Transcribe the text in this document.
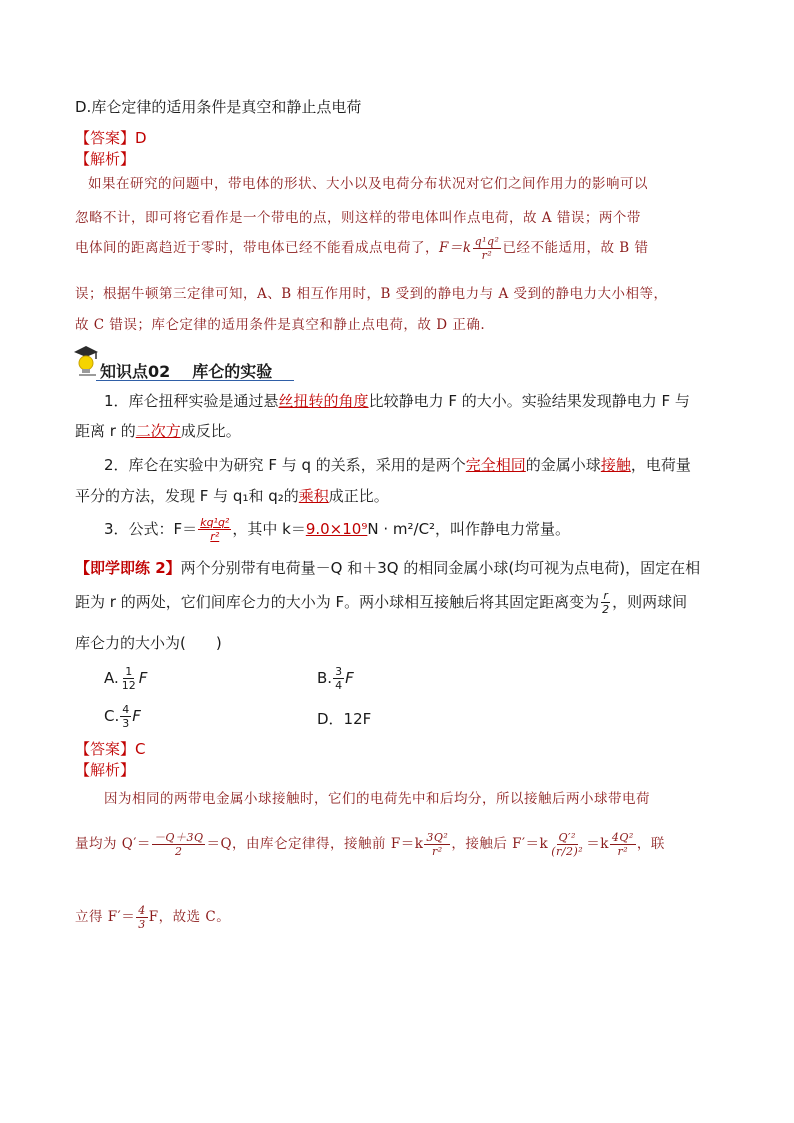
D.库仑定律的适用条件是真空和静止点电荷
【答案】D
【解析】
如果在研究的问题中，带电体的形状、大小以及电荷分布状况对它们之间作用力的影响可以
忽略不计，即可将它看作是一个带电的点，则这样的带电体叫作点电荷，故 A 错误；两个带
电体间的距离趋近于零时，带电体已经不能看成点电荷了，$F=k \frac{\text{q¹q²}}{\text{r²}}$ 已经不能适用，故 B 错
误；根据牛顿第三定律可知，A、B 相互作用时，B 受到的静电力与 A 受到的静电力大小相等，
故 C 错误；库仑定律的适用条件是真空和静止点电荷，故 D 正确.
知识点02 库仑的实验
1．库仑扭秤实验是通过悬丝扭转的角度比较静电力 F 的大小。实验结果发现静电力 F 与
距离 r 的二次方成反比。
2．库仑在实验中为研究 F 与 q 的关系，采用的是两个完全相同的金属小球接触，电荷量
平分的方法，发现 F 与 q₁和 q₂的乘积成正比。
3．公式：$F= \frac{\text{kq¹q²}}{\text{r²}}$ ，其中 k＝9.0×10⁹N · m²/C²，叫作静电力常量。
【即学即练 2】两个分别带有电荷量－Q 和＋3Q 的相同金属小球(均可视为点电荷)，固定在相
距为 r 的两处，它们间库仑力的大小为 F。两小球相互接触后将其固定距离变为 $\frac{r}{2}$ ，则两球间
库仑力的大小为(　　)
A. $\frac{1}{12}$ F	B. $\frac{3}{4}$ F
C. $\frac{4}{3}$ F	D．12F
【答案】C
【解析】
因为相同的两带电金属小球接触时，它们的电荷先中和后均分，所以接触后两小球带电荷
量均为 $Q'= \frac{-Q+3Q}{2} =Q$，由库仑定律得，接触前 $F=k \frac{\text{3Q²}}{\text{r²}}$ ，接触后 $F'=k \frac{\text{Q′²}}{\text{(r/2)²}} =k \frac{\text{4Q²}}{\text{r²}}$ ，联
立得 $F'= \frac{4}{3}$ F，故选 C。
